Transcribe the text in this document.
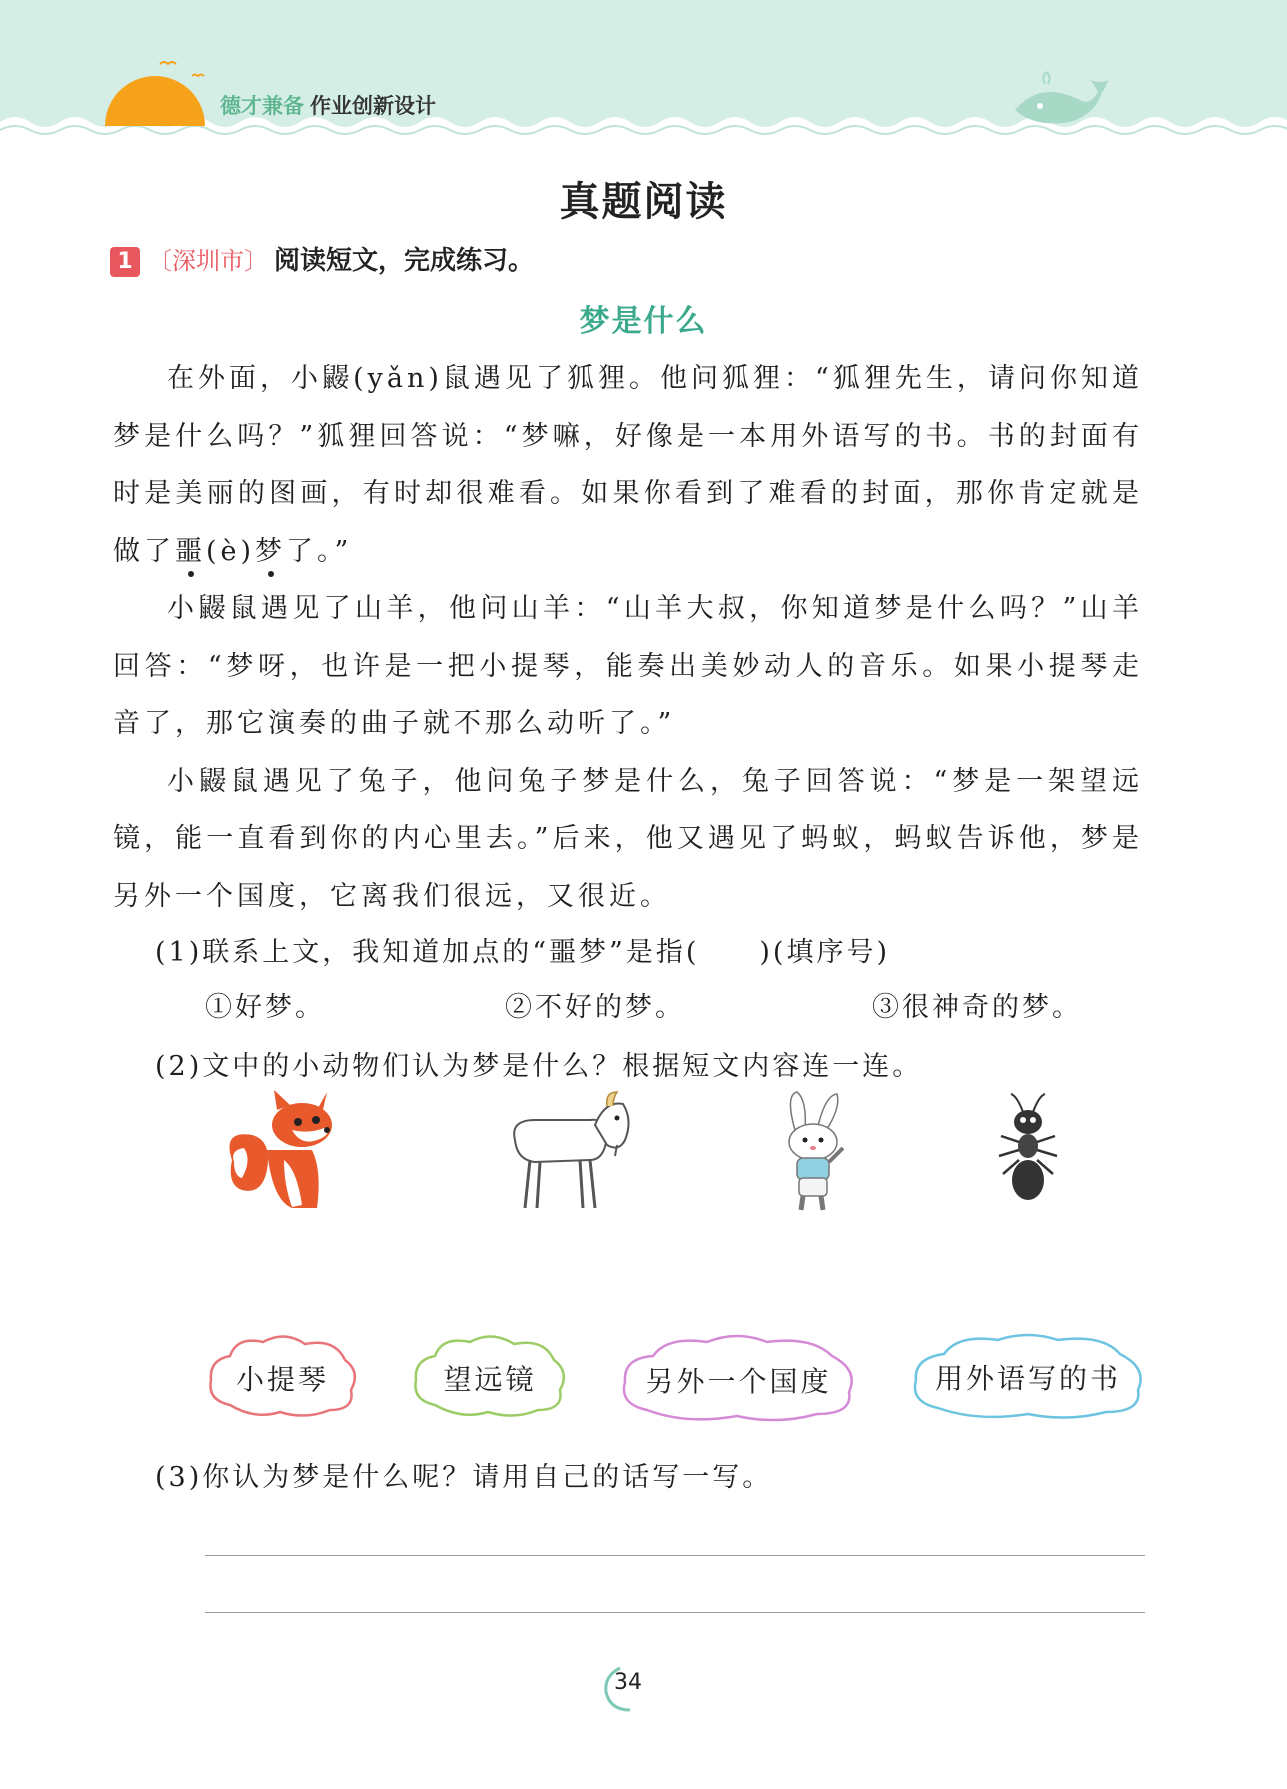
德才兼备 作业创新设计
真题阅读
1 〔深圳市〕 阅读短文，完成练习。
梦是什么

在外面，小鼹(yǎn)鼠遇见了狐狸。他问狐狸：“狐狸先生，请问你知道梦是什么吗？”狐狸回答说：“梦嘛，好像是一本用外语写的书。书的封面有时是美丽的图画，有时却很难看。如果你看到了难看的封面，那你肯定就是做了噩(è)梦了。”

小鼹鼠遇见了山羊，他问山羊：“山羊大叔，你知道梦是什么吗？”山羊回答：“梦呀，也许是一把小提琴，能奏出美妙动人的音乐。如果小提琴走音了，那它演奏的曲子就不那么动听了。”

小鼹鼠遇见了兔子，他问兔子梦是什么，兔子回答说：“梦是一架望远镜，能一直看到你的内心里去。”后来，他又遇见了蚂蚁，蚂蚁告诉他，梦是另外一个国度，它离我们很远，又很近。

(1)联系上文，我知道加点的“噩梦”是指(　　)(填序号)
①好梦。	②不好的梦。	③很神奇的梦。
(2)文中的小动物们认为梦是什么？根据短文内容连一连。
小提琴	望远镜	另外一个国度	用外语写的书
(3)你认为梦是什么呢？请用自己的话写一写。
34
